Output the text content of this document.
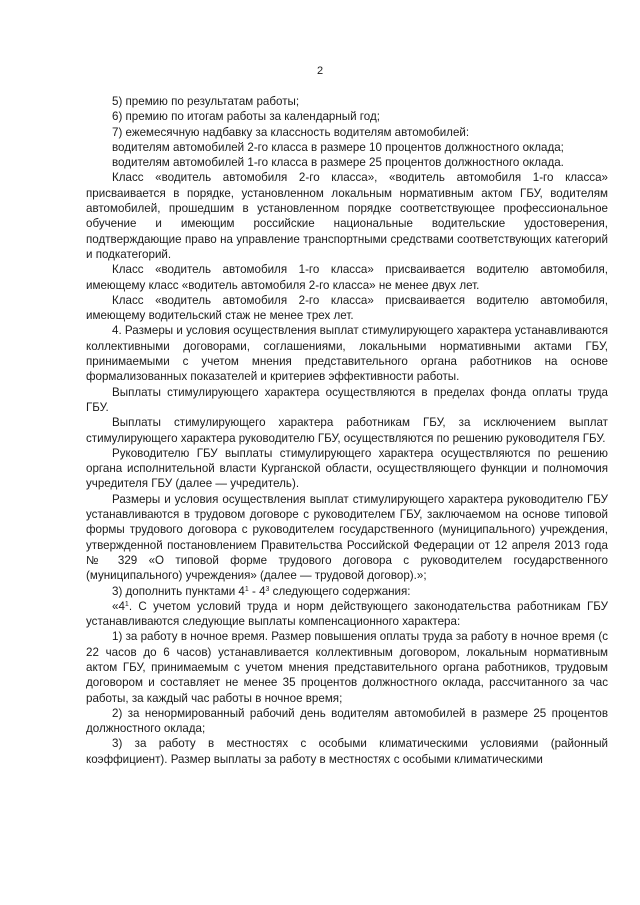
2

5) премию по результатам работы;

6) премию по итогам работы за календарный год;

7) ежемесячную надбавку за классность водителям автомобилей:

водителям автомобилей 2-го класса в размере 10 процентов должностного оклада;

водителям автомобилей 1-го класса в размере 25 процентов должностного оклада.

Класс «водитель автомобиля 2-го класса», «водитель автомобиля 1-го класса» присваивается в порядке, установленном локальным нормативным актом ГБУ, водителям автомобилей, прошедшим в установленном порядке соответствующее профессиональное обучение и имеющим российские национальные водительские удостоверения, подтверждающие право на управление транспортными средствами соответствующих категорий и подкатегорий.

Класс «водитель автомобиля 1-го класса» присваивается водителю автомобиля, имеющему класс «водитель автомобиля 2-го класса» не менее двух лет.

Класс «водитель автомобиля 2-го класса» присваивается водителю автомобиля, имеющему водительский стаж не менее трех лет.

4. Размеры и условия осуществления выплат стимулирующего характера устанавливаются коллективными договорами, соглашениями, локальными нормативными актами ГБУ, принимаемыми с учетом мнения представительного органа работников на основе формализованных показателей и критериев эффективности работы.

Выплаты стимулирующего характера осуществляются в пределах фонда оплаты труда ГБУ.

Выплаты стимулирующего характера работникам ГБУ, за исключением выплат стимулирующего характера руководителю ГБУ, осуществляются по решению руководителя ГБУ.

Руководителю ГБУ выплаты стимулирующего характера осуществляются по решению органа исполнительной власти Курганской области, осуществляющего функции и полномочия учредителя ГБУ (далее — учредитель).

Размеры и условия осуществления выплат стимулирующего характера руководителю ГБУ устанавливаются в трудовом договоре с руководителем ГБУ, заключаемом на основе типовой формы трудового договора с руководителем государственного (муниципального) учреждения, утвержденной постановлением Правительства Российской Федерации от 12 апреля 2013 года № 329 «О типовой форме трудового договора с руководителем государственного (муниципального) учреждения» (далее — трудовой договор).»;

3) дополнить пунктами $4^1 - 4^3$ следующего содержания:

«$4^1$. С учетом условий труда и норм действующего законодательства работникам ГБУ устанавливаются следующие выплаты компенсационного характера:

1) за работу в ночное время. Размер повышения оплаты труда за работу в ночное время (с 22 часов до 6 часов) устанавливается коллективным договором, локальным нормативным актом ГБУ, принимаемым с учетом мнения представительного органа работников, трудовым договором и составляет не менее 35 процентов должностного оклада, рассчитанного за час работы, за каждый час работы в ночное время;

2) за ненормированный рабочий день водителям автомобилей в размере 25 процентов должностного оклада;

3) за работу в местностях с особыми климатическими условиями (районный коэффициент). Размер выплаты за работу в местностях с особыми климатическими
